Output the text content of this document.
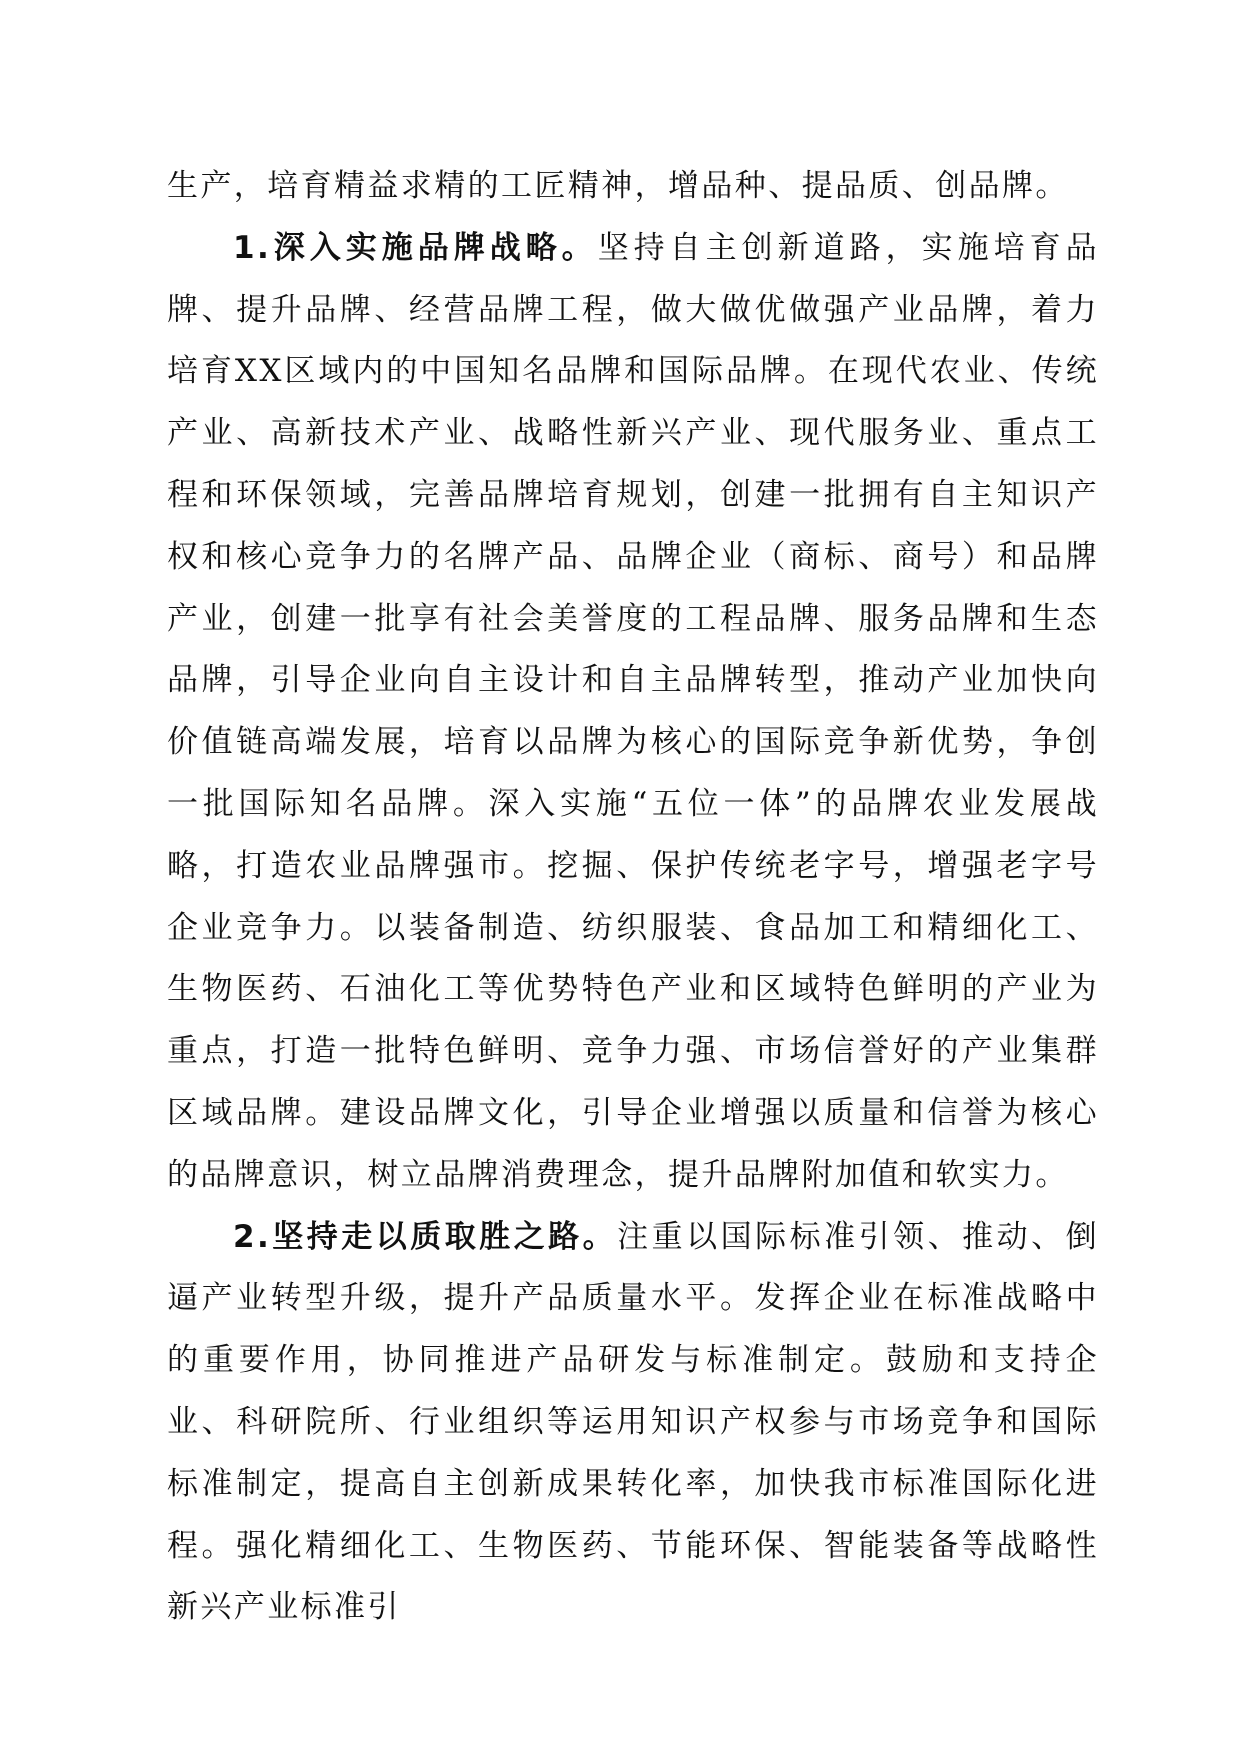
生产，培育精益求精的工匠精神，增品种、提品质、创品牌。

1.深入实施品牌战略。坚持自主创新道路，实施培育品牌、提升品牌、经营品牌工程，做大做优做强产业品牌，着力培育XX区域内的中国知名品牌和国际品牌。在现代农业、传统产业、高新技术产业、战略性新兴产业、现代服务业、重点工程和环保领域，完善品牌培育规划，创建一批拥有自主知识产权和核心竞争力的名牌产品、品牌企业（商标、商号）和品牌产业，创建一批享有社会美誉度的工程品牌、服务品牌和生态品牌，引导企业向自主设计和自主品牌转型，推动产业加快向价值链高端发展，培育以品牌为核心的国际竞争新优势，争创一批国际知名品牌。深入实施“五位一体”的品牌农业发展战略，打造农业品牌强市。挖掘、保护传统老字号，增强老字号企业竞争力。以装备制造、纺织服装、食品加工和精细化工、生物医药、石油化工等优势特色产业和区域特色鲜明的产业为重点，打造一批特色鲜明、竞争力强、市场信誉好的产业集群区域品牌。建设品牌文化，引导企业增强以质量和信誉为核心的品牌意识，树立品牌消费理念，提升品牌附加值和软实力。

2.坚持走以质取胜之路。注重以国际标准引领、推动、倒逼产业转型升级，提升产品质量水平。发挥企业在标准战略中的重要作用，协同推进产品研发与标准制定。鼓励和支持企业、科研院所、行业组织等运用知识产权参与市场竞争和国际标准制定，提高自主创新成果转化率，加快我市标准国际化进程。强化精细化工、生物医药、节能环保、智能装备等战略性新兴产业标准引
